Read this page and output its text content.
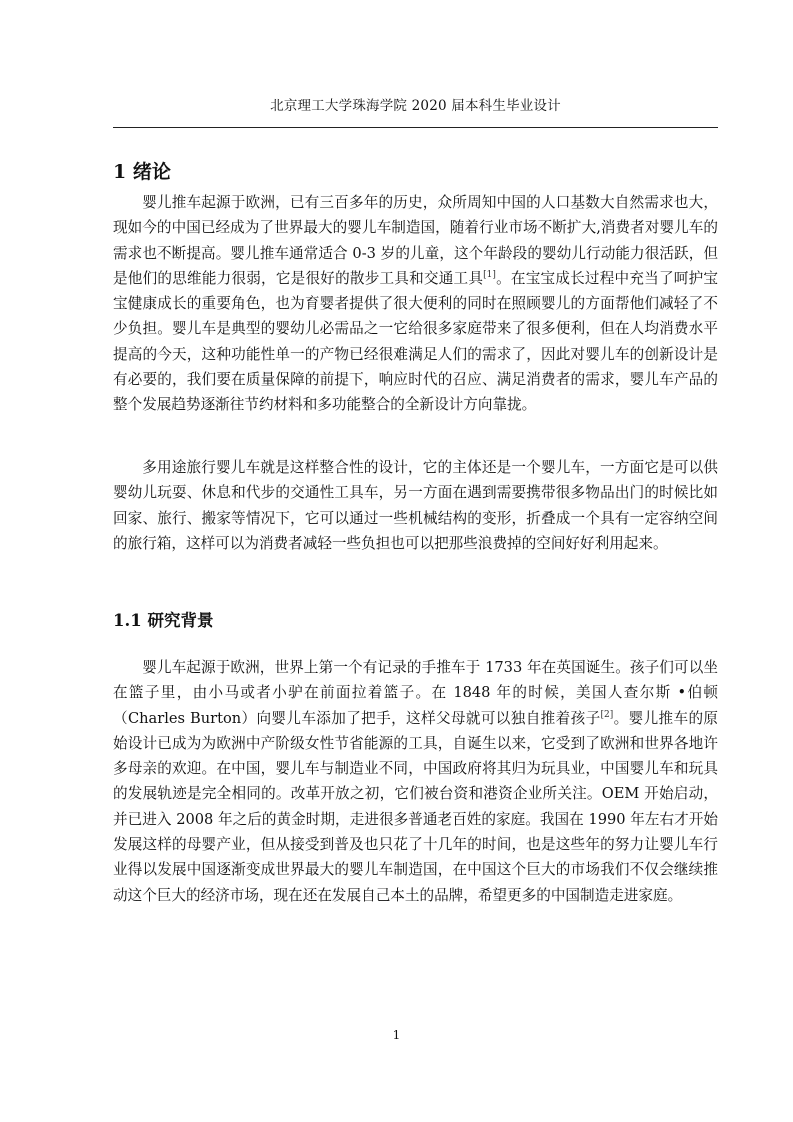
北京理工大学珠海学院 2020 届本科生毕业设计
1 绪论

婴儿推车起源于欧洲，已有三百多年的历史，众所周知中国的人口基数大自然需求也大，现如今的中国已经成为了世界最大的婴儿车制造国，随着行业市场不断扩大,消费者对婴儿车的需求也不断提高。婴儿推车通常适合 0-3 岁的儿童，这个年龄段的婴幼儿行动能力很活跃，但是他们的思维能力很弱，它是很好的散步工具和交通工具[1]。在宝宝成长过程中充当了呵护宝宝健康成长的重要角色，也为育婴者提供了很大便利的同时在照顾婴儿的方面帮他们减轻了不少负担。婴儿车是典型的婴幼儿必需品之一它给很多家庭带来了很多便利，但在人均消费水平提高的今天，这种功能性单一的产物已经很难满足人们的需求了，因此对婴儿车的创新设计是有必要的，我们要在质量保障的前提下，响应时代的召应、满足消费者的需求，婴儿车产品的整个发展趋势逐渐往节约材料和多功能整合的全新设计方向靠拢。

多用途旅行婴儿车就是这样整合性的设计，它的主体还是一个婴儿车，一方面它是可以供婴幼儿玩耍、休息和代步的交通性工具车，另一方面在遇到需要携带很多物品出门的时候比如回家、旅行、搬家等情况下，它可以通过一些机械结构的变形，折叠成一个具有一定容纳空间的旅行箱，这样可以为消费者减轻一些负担也可以把那些浪费掉的空间好好利用起来。

1.1 研究背景

婴儿车起源于欧洲，世界上第一个有记录的手推车于 1733 年在英国诞生。孩子们可以坐在篮子里，由小马或者小驴在前面拉着篮子。在 1848 年的时候，美国人查尔斯 •伯顿（Charles Burton）向婴儿车添加了把手，这样父母就可以独自推着孩子[2]。婴儿推车的原始设计已成为为欧洲中产阶级女性节省能源的工具，自诞生以来，它受到了欧洲和世界各地许多母亲的欢迎。在中国，婴儿车与制造业不同，中国政府将其归为玩具业，中国婴儿车和玩具的发展轨迹是完全相同的。改革开放之初，它们被台资和港资企业所关注。OEM 开始启动，并已进入 2008 年之后的黄金时期，走进很多普通老百姓的家庭。我国在 1990 年左右才开始发展这样的母婴产业，但从接受到普及也只花了十几年的时间，也是这些年的努力让婴儿车行业得以发展中国逐渐变成世界最大的婴儿车制造国，在中国这个巨大的市场我们不仅会继续推动这个巨大的经济市场，现在还在发展自己本土的品牌，希望更多的中国制造走进家庭。

1
